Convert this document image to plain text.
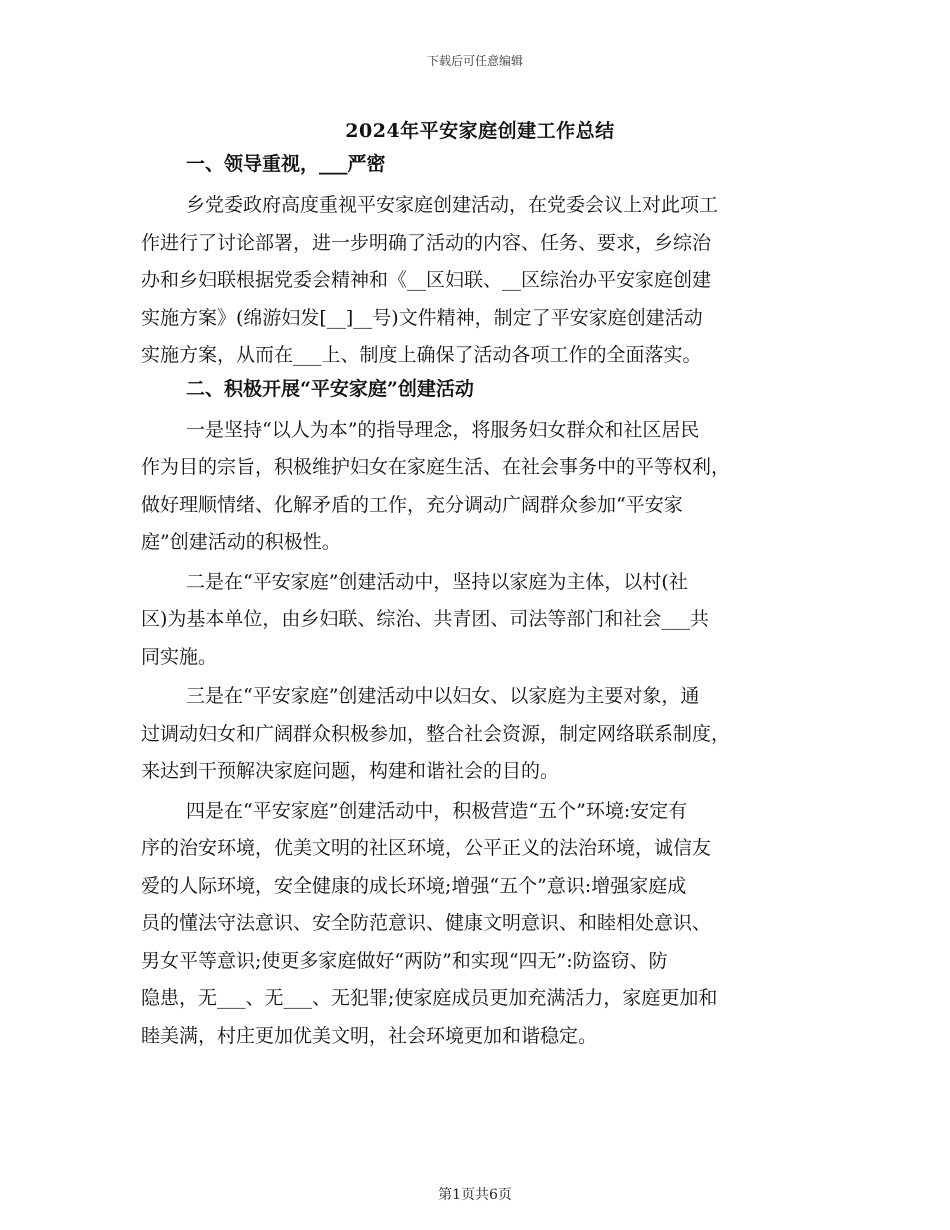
下载后可任意编辑
2024年平安家庭创建工作总结
一、领导重视，___严密
乡党委政府高度重视平安家庭创建活动，在党委会议上对此项工
作进行了讨论部署，进一步明确了活动的内容、任务、要求，乡综治
办和乡妇联根据党委会精神和《__区妇联、__区综治办平安家庭创建
实施方案》(绵游妇发[__]__号)文件精神，制定了平安家庭创建活动
实施方案，从而在___上、制度上确保了活动各项工作的全面落实。
二、积极开展“平安家庭”创建活动
一是坚持“以人为本”的指导理念，将服务妇女群众和社区居民
作为目的宗旨，积极维护妇女在家庭生活、在社会事务中的平等权利，
做好理顺情绪、化解矛盾的工作，充分调动广阔群众参加“平安家
庭”创建活动的积极性。
二是在“平安家庭”创建活动中，坚持以家庭为主体，以村(社
区)为基本单位，由乡妇联、综治、共青团、司法等部门和社会___共
同实施。
三是在“平安家庭”创建活动中以妇女、以家庭为主要对象，通
过调动妇女和广阔群众积极参加，整合社会资源，制定网络联系制度，
来达到干预解决家庭问题，构建和谐社会的目的。
四是在“平安家庭”创建活动中，积极营造“五个”环境:安定有
序的治安环境，优美文明的社区环境，公平正义的法治环境，诚信友
爱的人际环境，安全健康的成长环境;增强“五个”意识:增强家庭成
员的懂法守法意识、安全防范意识、健康文明意识、和睦相处意识、
男女平等意识;使更多家庭做好“两防”和实现“四无”:防盗窃、防
隐患，无___、无___、无犯罪;使家庭成员更加充满活力，家庭更加和
睦美满，村庄更加优美文明，社会环境更加和谐稳定。
第1页共6页
